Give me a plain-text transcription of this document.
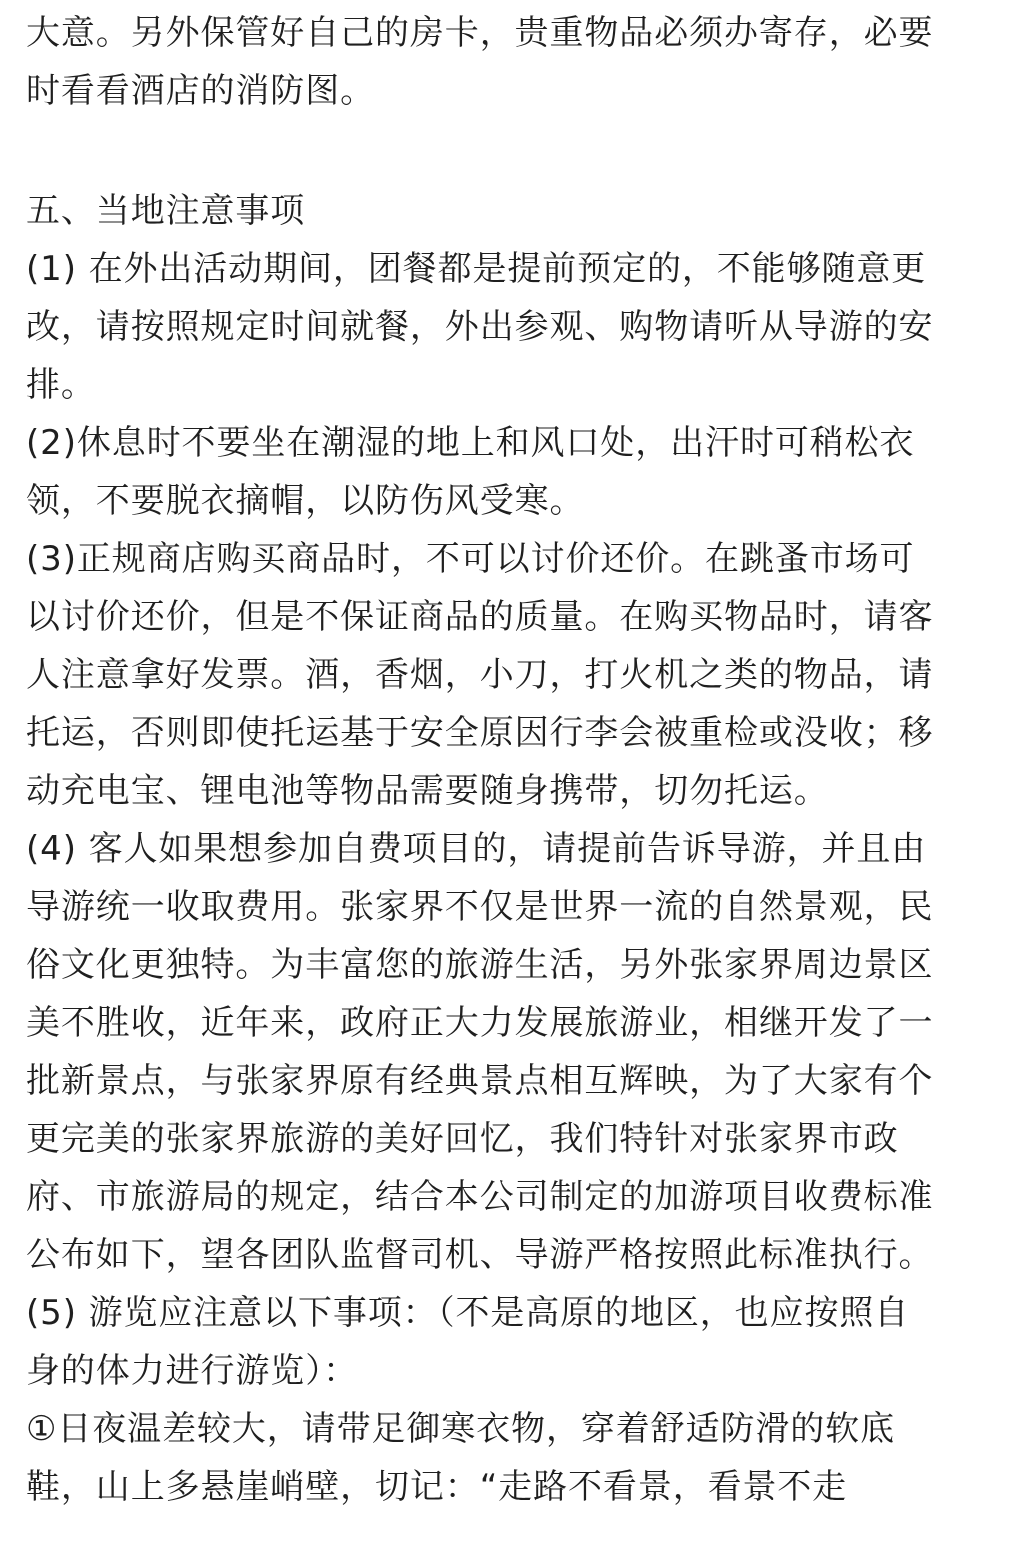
大意。另外保管好自己的房卡，贵重物品必须办寄存，必要
时看看酒店的消防图。
五、当地注意事项
(1) 在外出活动期间，团餐都是提前预定的，不能够随意更
改，请按照规定时间就餐，外出参观、购物请听从导游的安
排。
(2)休息时不要坐在潮湿的地上和风口处，出汗时可稍松衣
领，不要脱衣摘帽，以防伤风受寒。
(3)正规商店购买商品时，不可以讨价还价。在跳蚤市场可
以讨价还价，但是不保证商品的质量。在购买物品时，请客
人注意拿好发票。酒，香烟，小刀，打火机之类的物品，请
托运，否则即使托运基于安全原因行李会被重检或没收；移
动充电宝、锂电池等物品需要随身携带，切勿托运。
(4) 客人如果想参加自费项目的，请提前告诉导游，并且由
导游统一收取费用。张家界不仅是世界一流的自然景观，民
俗文化更独特。为丰富您的旅游生活，另外张家界周边景区
美不胜收，近年来，政府正大力发展旅游业，相继开发了一
批新景点，与张家界原有经典景点相互辉映，为了大家有个
更完美的张家界旅游的美好回忆，我们特针对张家界市政
府、市旅游局的规定，结合本公司制定的加游项目收费标准
公布如下，望各团队监督司机、导游严格按照此标准执行。
(5) 游览应注意以下事项：（不是高原的地区，也应按照自
身的体力进行游览）：
①日夜温差较大，请带足御寒衣物，穿着舒适防滑的软底
鞋，山上多悬崖峭壁，切记：“走路不看景，看景不走
